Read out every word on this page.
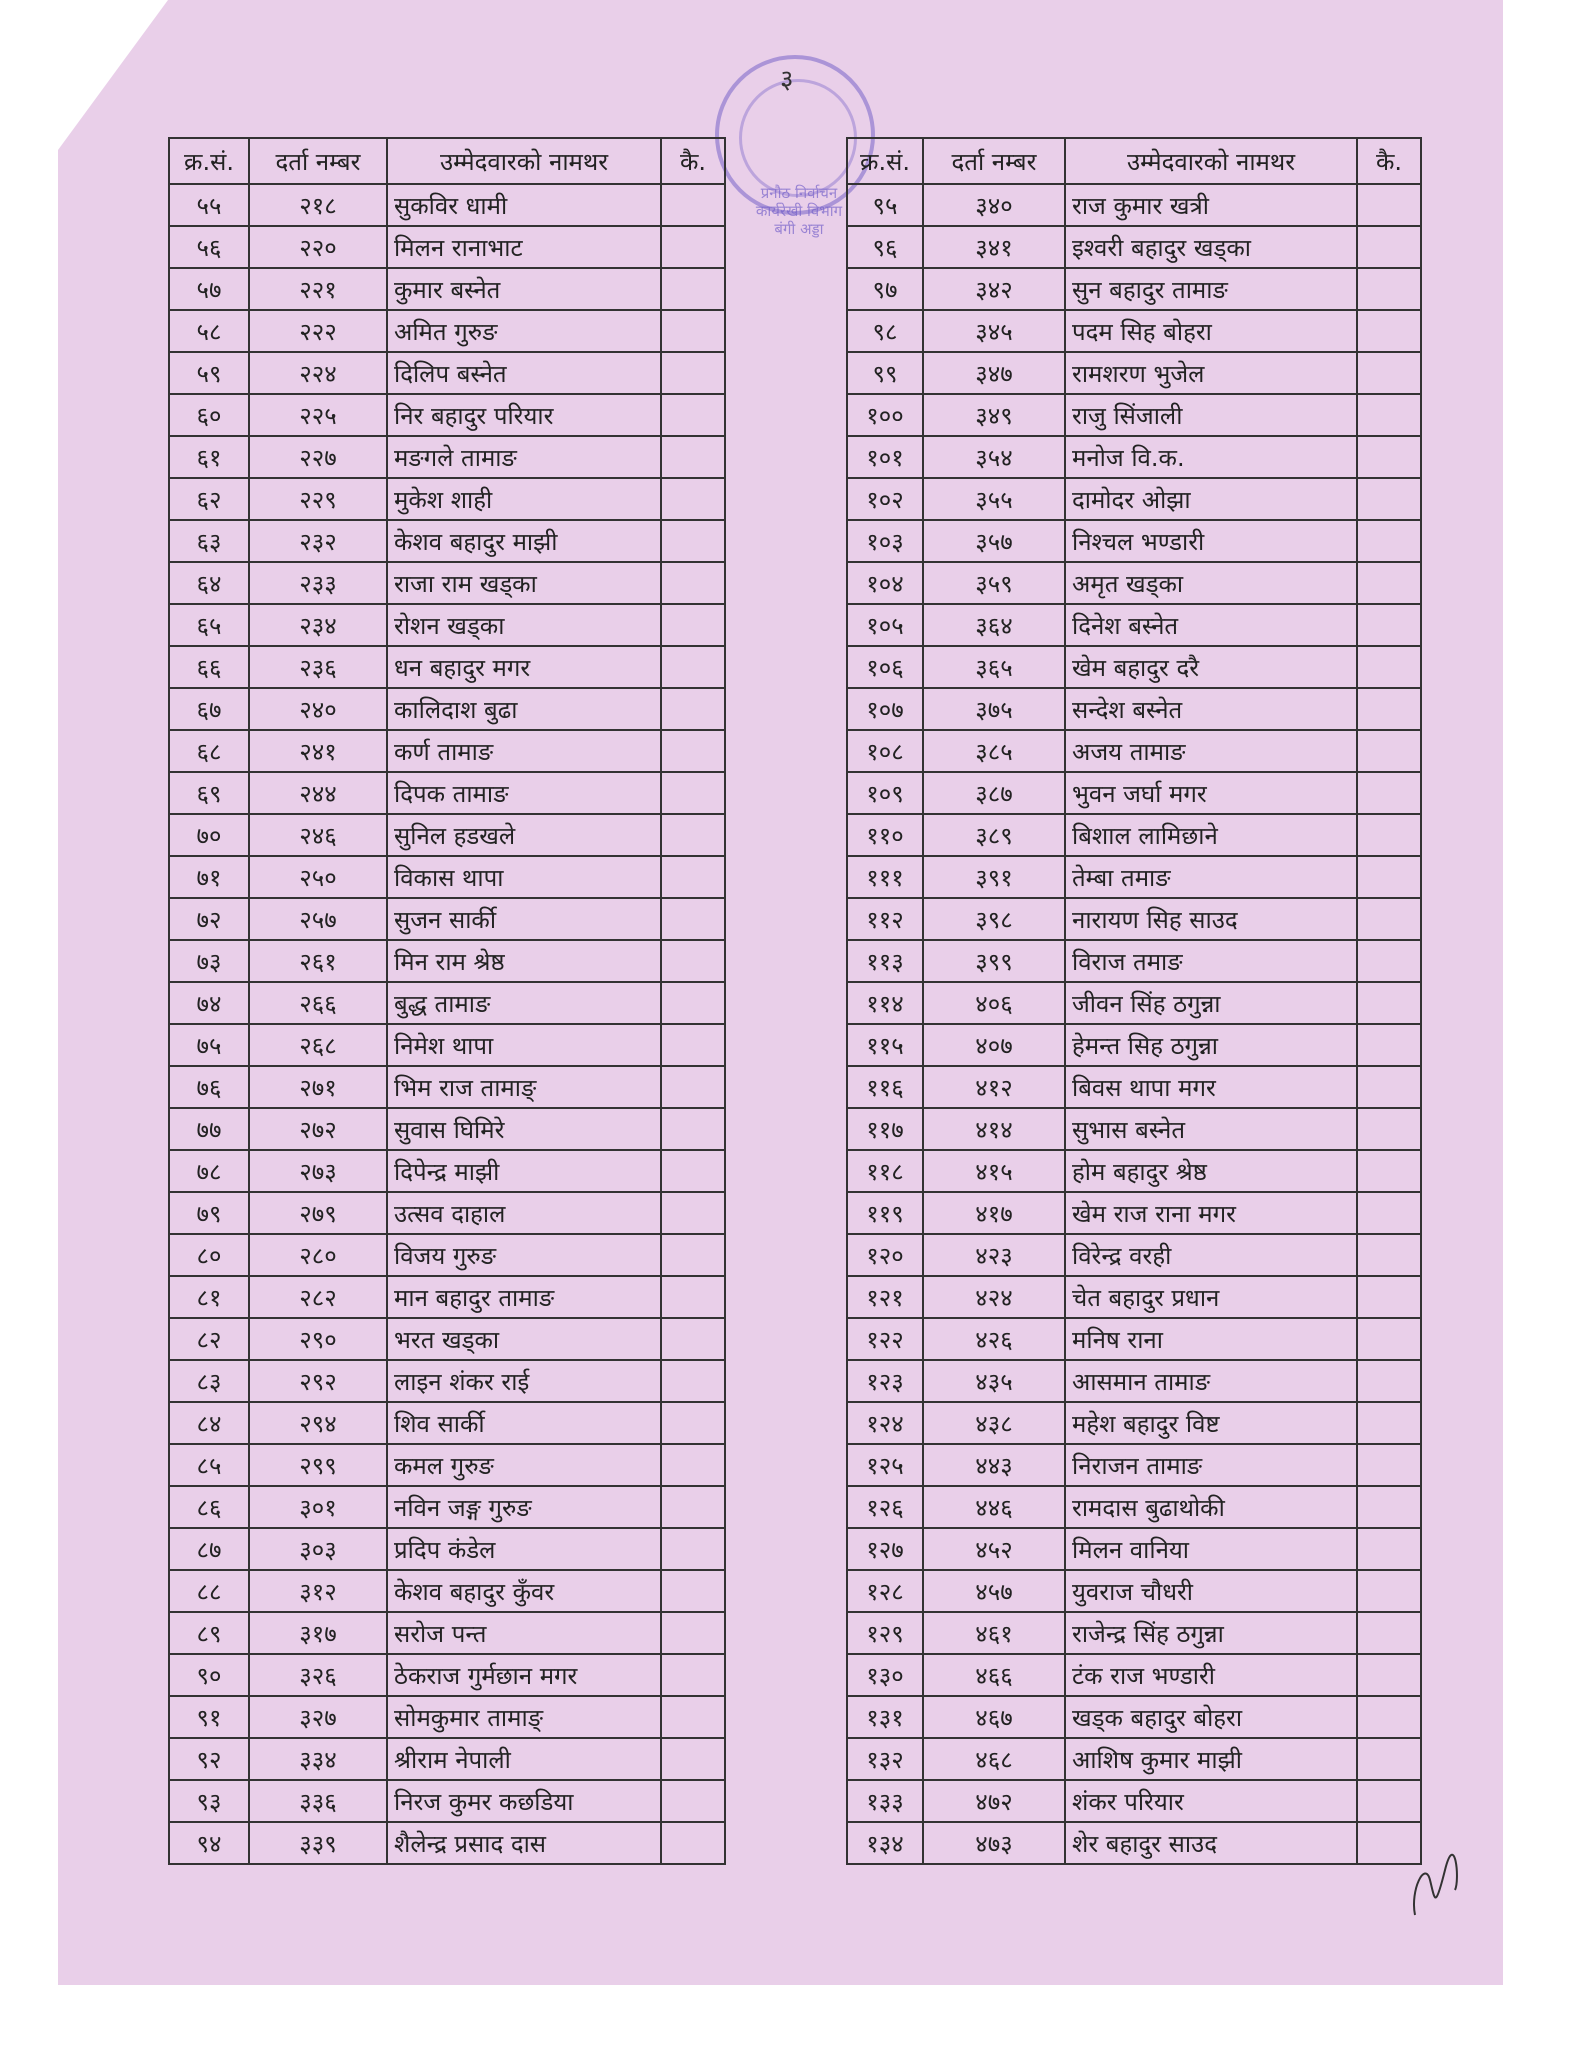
प्रनौठ निर्वाचन
कार्यरेखी विभाग
बंगी अड्डा
३
क्र.सं.	दर्ता नम्बर	उम्मेदवारको नामथर	कै.
५५	२१८	सुकविर धामी	
५६	२२०	मिलन रानाभाट	
५७	२२१	कुमार बस्नेत	
५८	२२२	अमित गुरुङ	
५९	२२४	दिलिप बस्नेत	
६०	२२५	निर बहादुर परियार	
६१	२२७	मङगले तामाङ	
६२	२२९	मुकेश शाही	
६३	२३२	केशव बहादुर माझी	
६४	२३३	राजा राम खड्का	
६५	२३४	रोशन खड्का	
६६	२३६	धन बहादुर मगर	
६७	२४०	कालिदाश बुढा	
६८	२४१	कर्ण तामाङ	
६९	२४४	दिपक तामाङ	
७०	२४६	सुनिल हडखले	
७१	२५०	विकास थापा	
७२	२५७	सुजन सार्की	
७३	२६१	मिन राम श्रेष्ठ	
७४	२६६	बुद्ध तामाङ	
७५	२६८	निमेश थापा	
७६	२७१	भिम राज तामाङ्	
७७	२७२	सुवास घिमिरे	
७८	२७३	दिपेन्द्र माझी	
७९	२७९	उत्सव दाहाल	
८०	२८०	विजय गुरुङ	
८१	२८२	मान बहादुर तामाङ	
८२	२९०	भरत खड्का	
८३	२९२	लाइन शंकर राई	
८४	२९४	शिव सार्की	
८५	२९९	कमल गुरुङ	
८६	३०१	नविन जङ्ग गुरुङ	
८७	३०३	प्रदिप कंडेल	
८८	३१२	केशव बहादुर कुँवर	
८९	३१७	सरोज पन्त	
९०	३२६	ठेकराज गुर्मछान मगर	
९१	३२७	सोमकुमार तामाङ्	
९२	३३४	श्रीराम नेपाली	
९३	३३६	निरज कुमर कछडिया	
९४	३३९	शैलेन्द्र प्रसाद दास	
क्र.सं.	दर्ता नम्बर	उम्मेदवारको नामथर	कै.
९५	३४०	राज कुमार खत्री	
९६	३४१	इश्वरी बहादुर खड्का	
९७	३४२	सुन बहादुर तामाङ	
९८	३४५	पदम सिह बोहरा	
९९	३४७	रामशरण भुजेल	
१००	३४९	राजु सिंजाली	
१०१	३५४	मनोज वि.क.	
१०२	३५५	दामोदर ओझा	
१०३	३५७	निश्चल भण्डारी	
१०४	३५९	अमृत खड्का	
१०५	३६४	दिनेश बस्नेत	
१०६	३६५	खेम बहादुर दरै	
१०७	३७५	सन्देश बस्नेत	
१०८	३८५	अजय तामाङ	
१०९	३८७	भुवन जर्घा मगर	
११०	३८९	बिशाल लामिछाने	
१११	३९१	तेम्बा तमाङ	
११२	३९८	नारायण सिह साउद	
११३	३९९	विराज तमाङ	
११४	४०६	जीवन सिंह ठगुन्ना	
११५	४०७	हेमन्त सिह ठगुन्ना	
११६	४१२	बिवस थापा मगर	
११७	४१४	सुभास बस्नेत	
११८	४१५	होम बहादुर श्रेष्ठ	
११९	४१७	खेम राज राना मगर	
१२०	४२३	विरेन्द्र वरही	
१२१	४२४	चेत बहादुर प्रधान	
१२२	४२६	मनिष राना	
१२३	४३५	आसमान तामाङ	
१२४	४३८	महेश बहादुर विष्ट	
१२५	४४३	निराजन तामाङ	
१२६	४४६	रामदास बुढाथोकी	
१२७	४५२	मिलन वानिया	
१२८	४५७	युवराज चौधरी	
१२९	४६१	राजेन्द्र सिंह ठगुन्ना	
१३०	४६६	टंक राज भण्डारी	
१३१	४६७	खड्क बहादुर बोहरा	
१३२	४६८	आशिष कुमार माझी	
१३३	४७२	शंकर परियार	
१३४	४७३	शेर बहादुर साउद	
